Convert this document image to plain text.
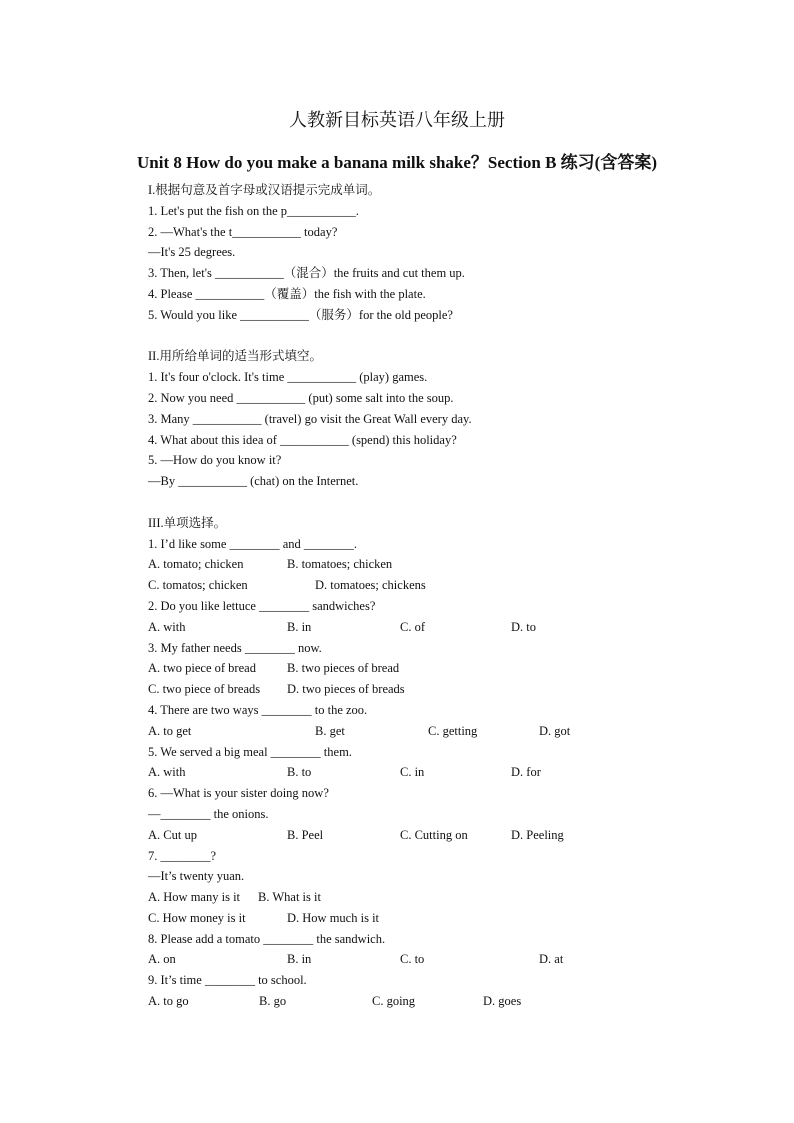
人教新目标英语八年级上册
Unit 8 How do you make a banana milk shake？Section B 练习(含答案)
I.根据句意及首字母或汉语提示完成单词。
1. Let's put the fish on the p___________.
2. —What's the t___________ today?
—It's 25 degrees.
3. Then, let's ___________（混合）the fruits and cut them up.
4. Please ___________（覆盖）the fish with the plate.
5. Would you like ___________（服务）for the old people?
II.用所给单词的适当形式填空。
1. It's four o'clock. It's time ___________ (play) games.
2. Now you need ___________ (put) some salt into the soup.
3. Many ___________ (travel) go visit the Great Wall every day.
4. What about this idea of ___________ (spend) this holiday?
5. —How do you know it?
—By ___________ (chat) on the Internet.
III.单项选择。
1. I’d like some ________ and ________.

A. tomato; chicken

	B. tomatoes; chicken

C. tomatos; chicken

	D. tomatoes; chickens

2. Do you like lettuce ________ sandwiches?

A. with

	B. in

	C. of

	D. to

3. My father needs ________ now.

A. two piece of bread

B. two pieces of bread

C. two piece of breads

D. two pieces of breads

4. There are two ways ________ to the zoo.

A. to get

	B. get

	C. getting

	D. got

5. We served a big meal ________ them.

A. with

	B. to

	C. in

	D. for

6. —What is your sister doing now?
—________ the onions.

A. Cut up

	B. Peel

	C. Cutting on

	D. Peeling

7. ________?
—It’s twenty yuan.

A. How many is it

B. What is it

C. How money is it

	D. How much is it

8. Please add a tomato ________ the sandwich.

A. on

	B. in

	C. to

	D. at

9. It’s time ________ to school.

A. to go

	B. go

	C. going

	D. goes
